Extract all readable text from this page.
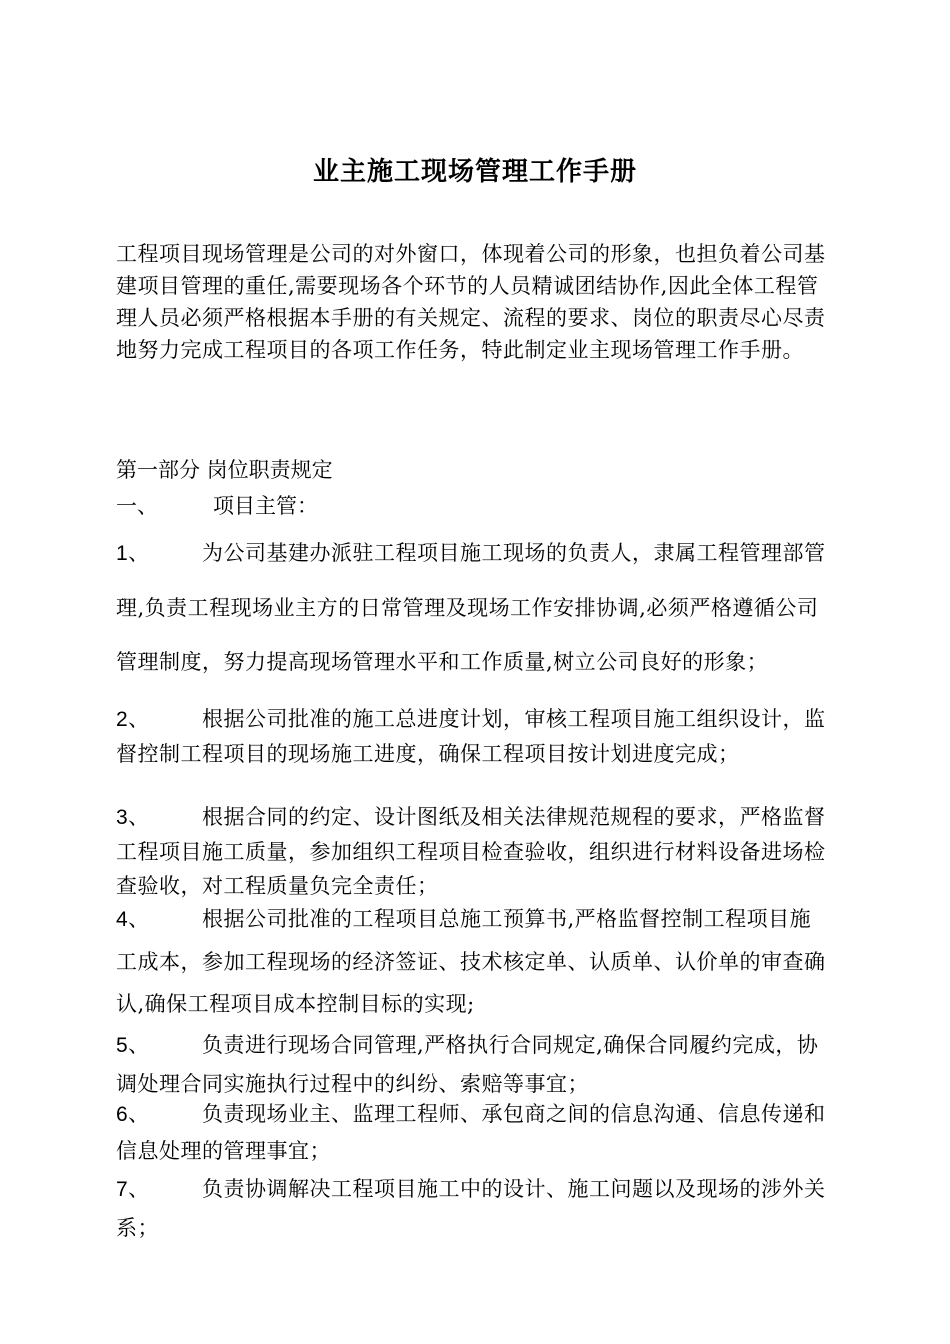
业主施工现场管理工作手册

工程项目现场管理是公司的对外窗口，体现着公司的形象，也担负着公司基建项目管理的重任,需要现场各个环节的人员精诚团结协作,因此全体工程管理人员必须严格根据本手册的有关规定、流程的要求、岗位的职责尽心尽责地努力完成工程项目的各项工作任务，特此制定业主现场管理工作手册。

第一部分 岗位职责规定
一、	项目主管：
1、 为公司基建办派驻工程项目施工现场的负责人，隶属工程管理部管理,负责工程现场业主方的日常管理及现场工作安排协调,必须严格遵循公司管理制度，努力提高现场管理水平和工作质量,树立公司良好的形象；
2、 根据公司批准的施工总进度计划，审核工程项目施工组织设计，监督控制工程项目的现场施工进度，确保工程项目按计划进度完成；
3、 根据合同的约定、设计图纸及相关法律规范规程的要求，严格监督工程项目施工质量，参加组织工程项目检查验收，组织进行材料设备进场检查验收，对工程质量负完全责任；
4、 根据公司批准的工程项目总施工预算书,严格监督控制工程项目施工成本，参加工程现场的经济签证、技术核定单、认质单、认价单的审查确认,确保工程项目成本控制目标的实现;
5、 负责进行现场合同管理,严格执行合同规定,确保合同履约完成，协调处理合同实施执行过程中的纠纷、索赔等事宜；
6、 负责现场业主、监理工程师、承包商之间的信息沟通、信息传递和信息处理的管理事宜；
7、 负责协调解决工程项目施工中的设计、施工问题以及现场的涉外关系；
